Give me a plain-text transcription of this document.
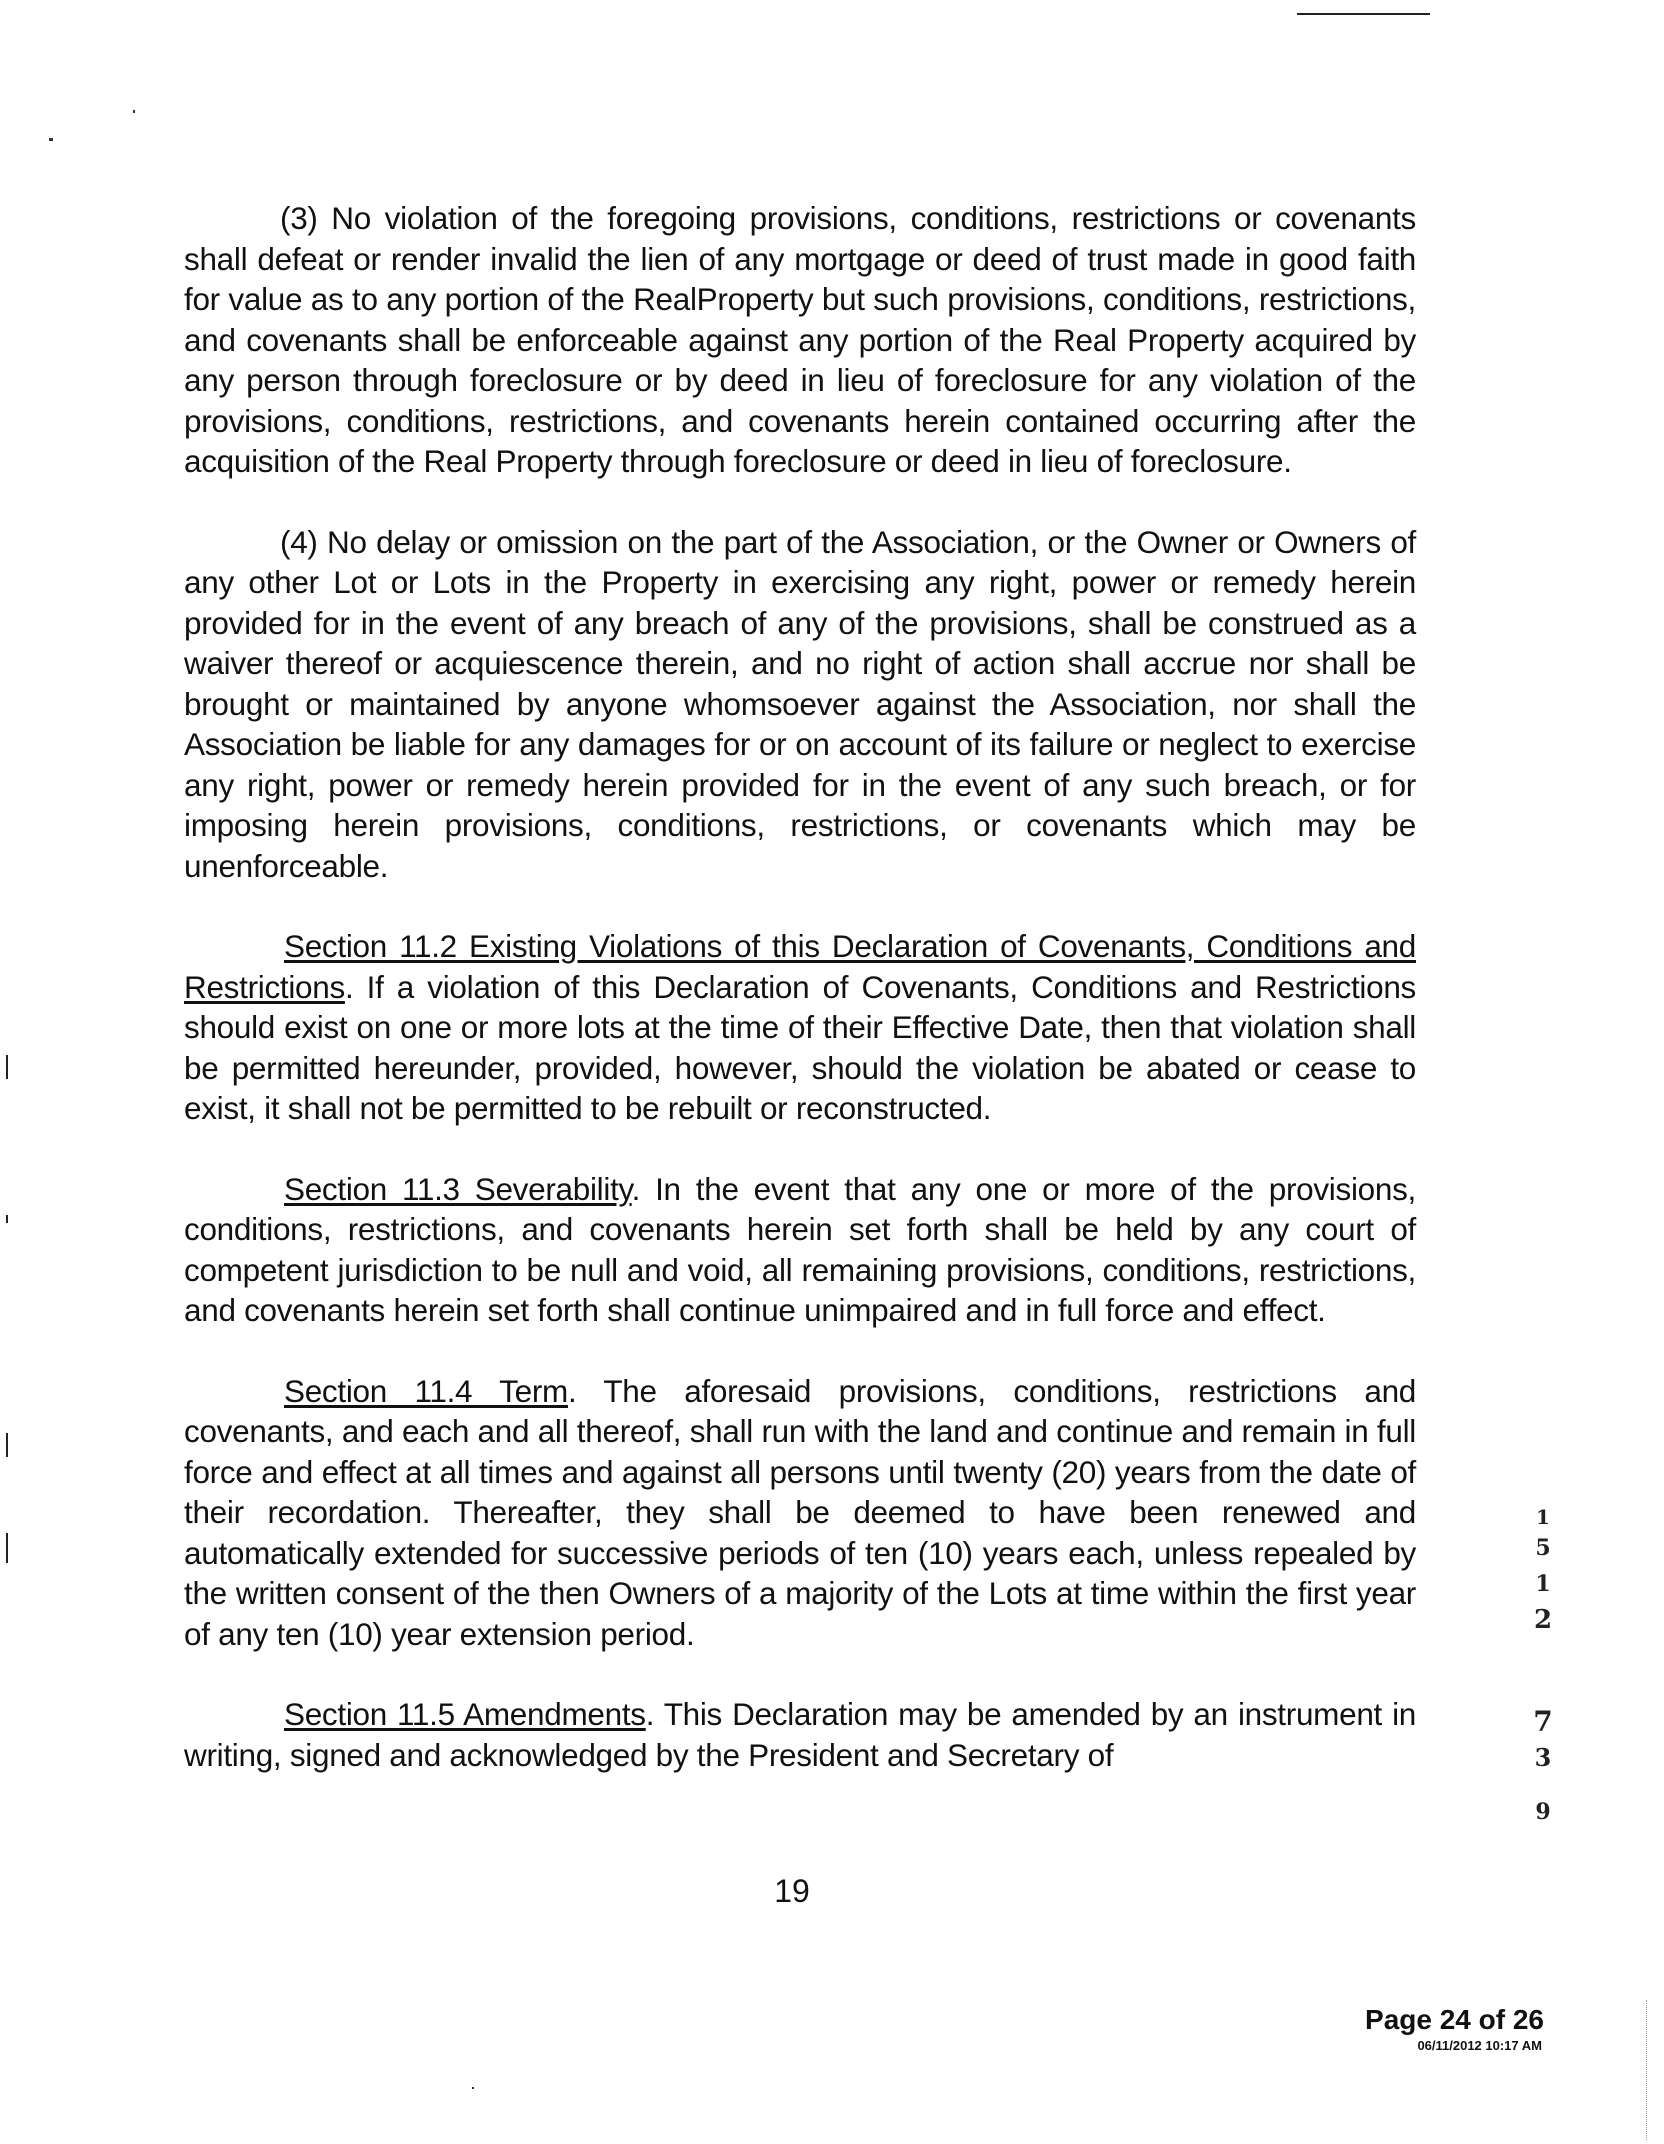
(3) No violation of the foregoing provisions, conditions, restrictions or covenants shall defeat or render invalid the lien of any mortgage or deed of trust made in good faith for value as to any portion of the RealProperty but such provisions, conditions, restrictions, and covenants shall be enforceable against any portion of the Real Property acquired by any person through foreclosure or by deed in lieu of foreclosure for any violation of the provisions, conditions, restrictions, and covenants herein contained occurring after the acquisition of the Real Property through foreclosure or deed in lieu of foreclosure.

(4) No delay or omission on the part of the Association, or the Owner or Owners of any other Lot or Lots in the Property in exercising any right, power or remedy herein provided for in the event of any breach of any of the provisions, shall be construed as a waiver thereof or acquiescence therein, and no right of action shall accrue nor shall be brought or maintained by anyone whomsoever against the Association, nor shall the Association be liable for any damages for or on account of its failure or neglect to exercise any right, power or remedy herein provided for in the event of any such breach, or for imposing herein provisions, conditions, restrictions, or covenants which may be unenforceable.

Section 11.2 Existing Violations of this Declaration of Covenants, Conditions and Restrictions. If a violation of this Declaration of Covenants, Conditions and Restrictions should exist on one or more lots at the time of their Effective Date, then that violation shall be permitted hereunder, provided, however, should the violation be abated or cease to exist, it shall not be permitted to be rebuilt or reconstructed.

Section 11.3 Severability. In the event that any one or more of the provisions, conditions, restrictions, and covenants herein set forth shall be held by any court of competent jurisdiction to be null and void, all remaining provisions, conditions, restrictions, and covenants herein set forth shall continue unimpaired and in full force and effect.

Section 11.4 Term. The aforesaid provisions, conditions, restrictions and covenants, and each and all thereof, shall run with the land and continue and remain in full force and effect at all times and against all persons until twenty (20) years from the date of their recordation. Thereafter, they shall be deemed to have been renewed and automatically extended for successive periods of ten (10) years each, unless repealed by the written consent of the then Owners of a majority of the Lots at time within the first year of any ten (10) year extension period.

Section 11.5 Amendments. This Declaration may be amended by an instrument in writing, signed and acknowledged by the President and Secretary of

19
1
5
1
2
7
3
9
Page 24 of 26
06/11/2012 10:17 AM
